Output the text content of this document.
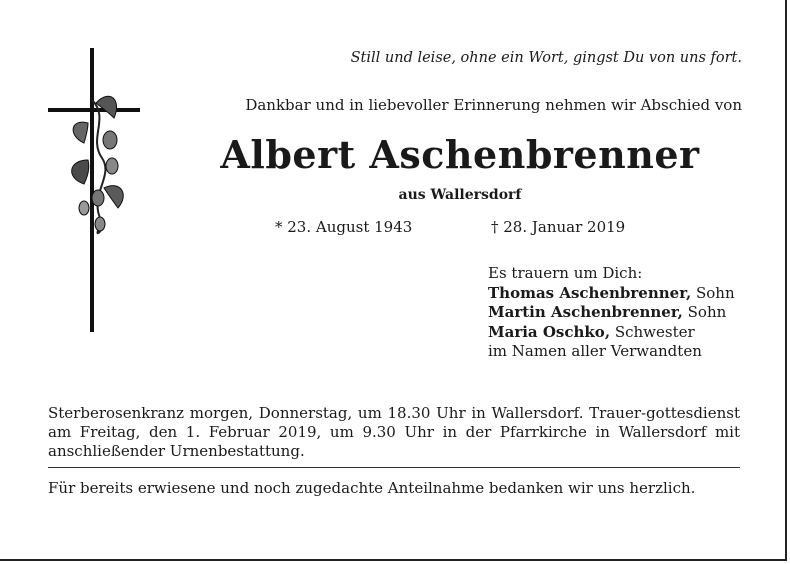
Still und leise, ohne ein Wort, gingst Du von uns fort.
Dankbar und in liebevoller Erinnerung nehmen wir Abschied von
Albert Aschenbrenner
aus Wallersdorf
* 23. August 1943	† 28. Januar 2019
Es trauern um Dich:
Thomas Aschenbrenner, Sohn
Martin Aschenbrenner, Sohn
Maria Oschko, Schwester
im Namen aller Verwandten
Sterberosenkranz morgen, Donnerstag, um 18.30 Uhr in Wallersdorf. Trauer-gottesdienst am Freitag, den 1. Februar 2019, um 9.30 Uhr in der Pfarrkirche in Wallersdorf mit anschließender Urnenbestattung.
Für bereits erwiesene und noch zugedachte Anteilnahme bedanken wir uns herzlich.
